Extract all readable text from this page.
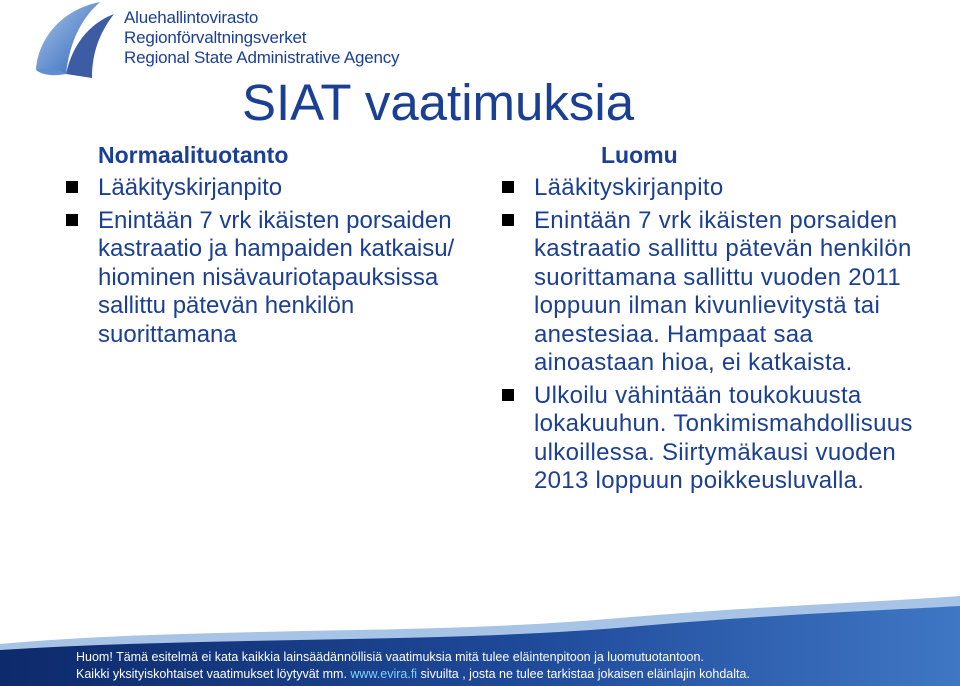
Aluehallintovirasto
Regionförvaltningsverket
Regional State Administrative Agency
SIAT vaatimuksia
Normaalituotanto
Lääkityskirjanpito
Enintään 7 vrk ikäisten porsaiden kastraatio ja hampaiden katkaisu/ hiominen nisävauriotapauksissa sallittu pätevän henkilön suorittamana
Luomu
Lääkityskirjanpito
Enintään 7 vrk ikäisten porsaiden kastraatio sallittu pätevän henkilön suorittamana sallittu vuoden 2011 loppuun ilman kivunlievitystä tai anestesiaa. Hampaat saa ainoastaan hioa, ei katkaista.
Ulkoilu vähintään toukokuusta lokakuuhun. Tonkimismahdollisuus ulkoillessa. Siirtymäkausi vuoden 2013 loppuun poikkeusluvalla.
Huom! Tämä esitelmä ei kata kaikkia lainsäädännöllisiä vaatimuksia mitä tulee eläintenpitoon ja luomutuotantoon.
Kaikki yksityiskohtaiset vaatimukset löytyvät mm. www.evira.fi sivuilta , josta ne tulee tarkistaa jokaisen eläinlajin kohdalta.
